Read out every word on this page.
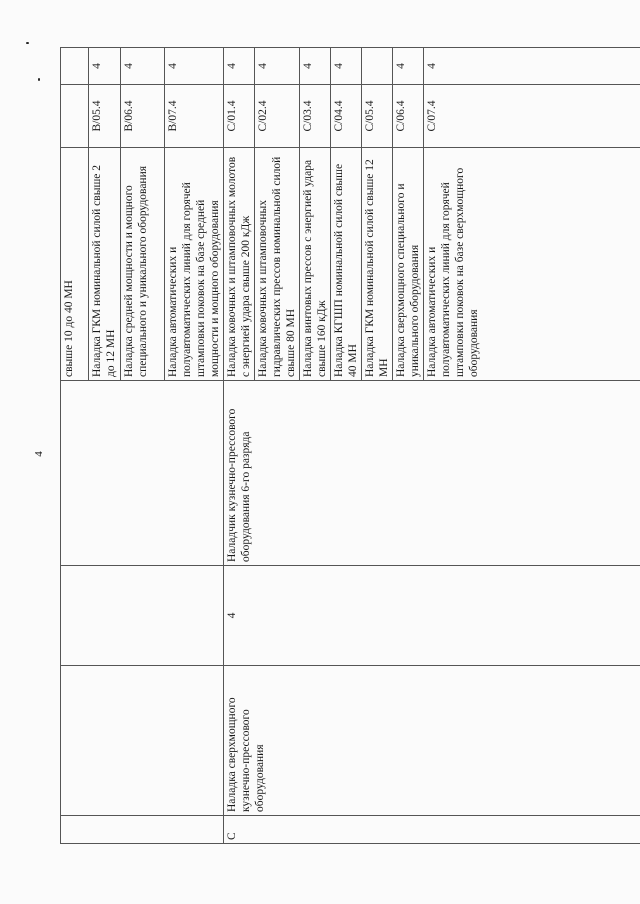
4
				свыше 10 до 40 МН		
				Наладка ГКМ номинальной силой свыше 2 до 12 МН	B/05.4	4
				Наладка средней мощности и мощного специального и уникального оборудования	B/06.4	4
				Наладка автоматических и полуавтоматических линий для горячей штамповки поковок на базе средней мощности и мощного оборудования	B/07.4	4
C	Наладка сверхмощного кузнечно-прессового оборудования	4	Наладчик кузнечно-прессового оборудования 6-го разряда	Наладка ковочных и штамповочных молотов с энергией удара свыше 200 кДж	C/01.4	4
				Наладка ковочных и штамповочных гидравлических прессов номинальной силой свыше 80 МН	C/02.4	4
				Наладка винтовых прессов с энергией удара свыше 160 кДж	C/03.4	4
				Наладка КГШП номинальной силой свыше 40 МН	C/04.4	4
				Наладка ГКМ номинальной силой свыше 12 МН	C/05.4	
				Наладка сверхмощного специального и уникального оборудования	C/06.4	4
				Наладка автоматических и полуавтоматических линий для горячей штамповки поковок на базе сверхмощного оборудования	C/07.4	4
